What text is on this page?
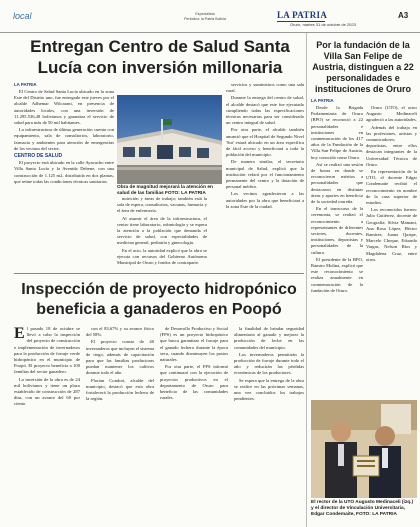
local	Especialista
Periódico: la Patria Bolivia	LA PATRIA
Oruro, martes 31 de octubre de 2023
A3
Entregan Centro de Salud Santa Lucía con inversión millonaria
LA PATRIA

El Centro de Salud Santa Lucía ubicado en la zona Este del Distrito uno, fue entregado este jueves por el alcalde Adhemar Wilcarani, en presencia de autoridades locales, con una inversión de 11.295.536,48 bolivianos y garantiza el servicio de salud para más de 50 mil habitantes.

La infraestructura de última generación cuenta con equipamiento, sala de consultorios, laboratorio, farmacia y ambientes para atención de emergencias de los vecinos del sector.

CENTRO DE SALUD

El proyecto está ubicado en la calle Ayacucho entre Villa Santa Lucía y la Avenida Dehene, con una construcción de 1.125 m2, distribuida en dos plantas, que reúne todas las condiciones técnicas sanitarias.

Obra de magnitud mejorará la atención en salud de las familias FOTO: LA PATRIA

nutrición y áreas de trabajo; también está la sala de espera, consultorios, vacunas, farmacia y el área de enfermería.

Al asumir el área de la infraestructura, el centro tiene laboratorio, odontología y se espera la atención a la población que demanda el servicio de salud, con especialidades de medicina general, pediatría y ginecología.

En el acto, la autoridad explicó que la obra se ejecuta con recursos del Gobierno Autónomo Municipal de Oruro y fondos de contraparte.

servicios y suministros como una sala rural.

Durante la entrega del centro de salud, el alcalde destacó que este fue ejecutado cumpliendo todas las especificaciones técnicas necesarias para ser considerado un centro integral de salud.

Por otra parte, el alcalde también anunció que el Hospital de Segundo Nivel 'Sur' estará ubicado en un área específica de fácil acceso y beneficiará a toda la población del municipio.

De manera similar, el secretario municipal de Salud, explicó que la institución velará por el funcionamiento permanente del centro y la dotación de personal médico.

Los vecinos agradecieron a las autoridades por la obra que beneficiará a la zona Este de la ciudad.

Por la fundación de la Villa San Felipe de Austria, distinguen a 22 personalidades e instituciones de Oruro
LA PATRIA

Desde la Brigada Parlamentaria de Oruro (BPO) se reconoció a 22 personalidades e instituciones en conmemoración de los 417 años de la Fundación de la Villa San Felipe de Austria, hoy conocida como Oruro.

Así se realizó una sesión de honra en donde se reconocieron méritos a personalidades que destacaron en distintas áreas y aportes en beneficio de la sociedad orureña.

En el transcurso de la ceremonia, se realizó el reconocimiento a representantes de diferentes sectores, docentes, instituciones, deportistas y personalidades de la cultura.

El presidente de la BPO, Ramiro Molina, explicó que este reconocimiento se realiza anualmente en conmemoración de la fundación de Oruro.

Oruro (UTO), el actor Augusto Medinaceli agradeció a las autoridades.

Además del trabajo en las profesiones, artistas y comunicadores; deportistas, entre ellos destacan integrantes de la Universidad Técnica de Oruro.

En representación de la UTO, el docente Edgar Condemaite recibió el reconocimiento en nombre de la casa superior de estudios.

Los reconocidos fueron: Julio Gutiérrez, docente de Geografía; Silvia Mamani, Ana Rosa López, Héctor Ramírez, Juana Quispe, Marcelo Choque, Eduardo Vargas, Nelson Ríos y Magdalena Cruz, entre otros.

El rector de la UTO Augusto Medinaceli (izq.) y el director de Vinculación Universitaria, Edgar Condemaite, FOTO: LA PATRIA
Inspección de proyecto hidropónico beneficia a ganaderos en Poopó
E l pasado 18 de octubre se llevó a cabo la inspección del proyecto de construcción e implementación de invernaderos para la producción de forraje verde hidropónico en el municipio de Poopó. El proyecto beneficia a 100 familias del sector ganadero.

La inversión de la obra es de 24 mil bolivianos y tiene un plazo establecido de construcción de 287 días, con un avance del 60 por ciento.

con el 83,67% y su avance físico del 58%.

El proyecto consta de 40 invernaderos que incluyen el sistema de riego, además de capacitación para que las familias productoras puedan mantener los cultivos durante todo el año.

Florian Condori, alcalde del municipio, destacó que esta obra fortalecerá la producción lechera de la región.

de Desarrollo Productivo y Social (FPS) es un proyecto hidropónico que busca garantizar el forraje para el ganado lechero durante la época seca, cuando disminuyen los pastos naturales.

Por otra parte, el FPS informó que continuará con la ejecución de proyectos productivos en el departamento de Oruro para beneficio de las comunidades rurales.

la finalidad de brindar seguridad alimentaria al ganado y mejorar la producción de leche en las comunidades del municipio.

Los invernaderos permitirán la producción de forraje durante todo el año y reducirán las pérdidas económicas de los productores.

Se espera que la entrega de la obra se realice en las próximas semanas, una vez concluidos los trabajos pendientes.
